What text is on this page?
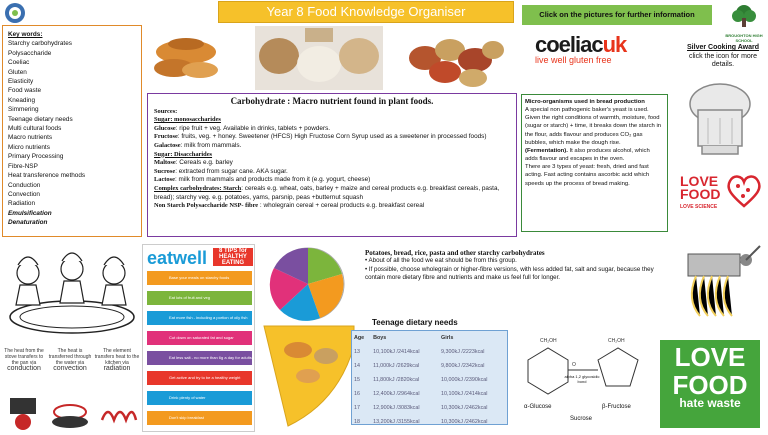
Year 8 Food Knowledge Organiser	Click on the pictures for further information
BROUGHTON HIGH SCHOOL
Key words:
Starchy carbohydrates
Polysaccharide
Coeliac
Gluten
Elasticity
Food waste
Kneading
Simmering
Teenage dietary needs
Multi cultural foods
Macro nutrients
Micro nutrients
Primary Processing
Fibre-NSP
Heat transference methods
Conduction
Convection
Radiation
Emulsification
Denaturation
coeliacuk
live well gluten free
Silver Cooking Award
click the icon for more details.
Carbohydrate : Macro nutrient found in plant foods.
Sources:
Sugar: monosaccharides
Glucose: ripe fruit + veg. Available in drinks, tablets + powders.
Fructose: fruits, veg. + honey. Sweetener (HFCS) High Fructose Corn Syrup used as a sweetener in processed foods)
Galactose: milk from mammals.
Sugar: Disaccharides
Maltose: Cereals e.g. barley
Sucrose: extracted from sugar cane. AKA sugar.
Lactose: milk from mammals and products made from it (e.g. yogurt, cheese)
Complex carbohydrates: Starch: cereals e.g. wheat, oats, barley + maize and cereal products e.g. breakfast cereals, pasta, bread); starchy veg. e.g. potatoes, yams, parsnip, peas +butternut squash
Non Starch Polysaccharide NSP- fibre : wholegrain cereal + cereal products e.g. breakfast cereal
Micro-organisms used in bread production
A special non pathogenic baker's yeast is used. Given the right conditions of warmth, moisture, food (sugar or starch) + time, it breaks down the starch in the flour, adds flavour and produces CO₂ gas bubbles, which make the dough rise.
(Fermentation). It also produces alcohol, which adds flavour and escapes in the oven.
There are 3 types of yeast: fresh, dried and fast acting. Fast acting contains ascorbic acid which speeds up the process of bread making.	LOVE
FOOD
LOVE SCIENCE
The heat from the stove transfers to the pan via
conduction
The heat is transferred through the water via
convection
The element transfers heat to the kitchen via
radiation
eatwell	8 TIPS for HEALTHY EATING
Base your meals on starchy foods
Eat lots of fruit and veg
Eat more fish - including a portion of oily fish
Cut down on saturated fat and sugar
Eat less salt - no more than 6g a day for adults
Get active and try to be a healthy weight
Drink plenty of water
Don't skip breakfast
Potatoes, bread, rice, pasta and other starchy carbohydrates
• About of all the food we eat should be from this group.
• If possible, choose wholegrain or higher-fibre versions, with less added fat, salt and sugar, because they contain more dietary fibre and nutrients and make us feel full for longer.
Teenage dietary needs
Age	Boys	Girls
13	10,100kJ /2414kcal	9,300kJ /2223kcal
14	11,000kJ /2629kcal	9,800kJ /2342kcal
15	11,800kJ /2820kcal	10,000kJ /2390kcal
16	12,400kJ /2964kcal	10,100kJ /2414kcal
17	12,900kJ /3083kcal	10,300kJ /2462kcal
18	13,200kJ /3155kcal	10,300kJ /2462kcal
O
CH₂OH	CH₂OH
alpha 1,2 glycosidic bond
α-Glucose	β-Fructose
Sucrose
LOVE
FOOD
hate waste
